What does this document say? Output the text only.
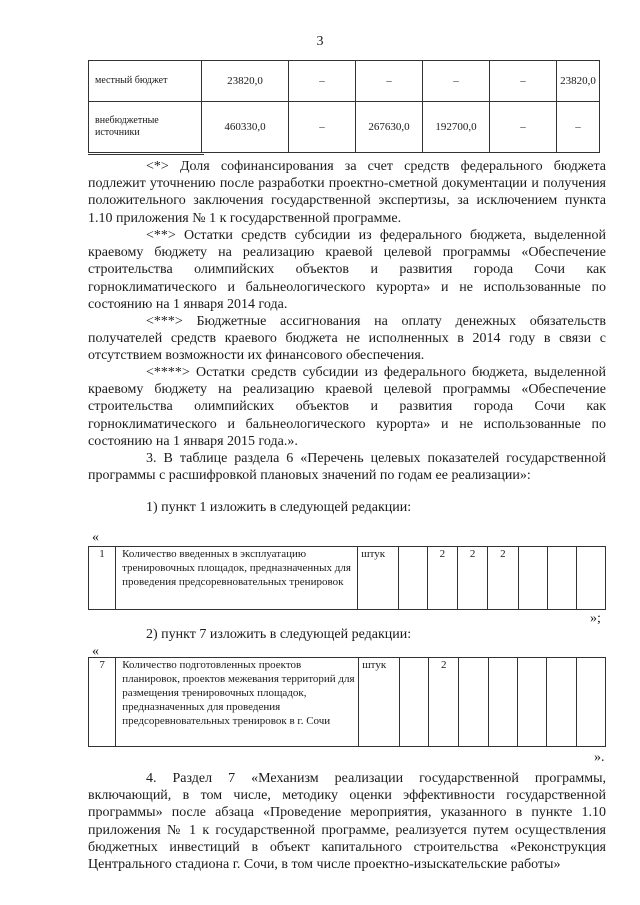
3
местный бюджет	23820,0	–	–	–	–	23820,0
внебюджетные источники	460330,0	–	267630,0	192700,0	–	–
<*> Доля софинансирования за счет средств федерального бюджета подлежит уточнению после разработки проектно-сметной документации и получения положительного заключения государственной экспертизы, за исключением пункта 1.10 приложения № 1 к государственной программе.
<**> Остатки средств субсидии из федерального бюджета, выделенной краевому бюджету на реализацию краевой целевой программы «Обеспечение строительства олимпийских объектов и развития города Сочи как горноклиматического и бальнеологического курорта» и не использованные по состоянию на 1 января 2014 года.
<***> Бюджетные ассигнования на оплату денежных обязательств получателей средств краевого бюджета не исполненных в 2014 году в связи с отсутствием возможности их финансового обеспечения.
<****> Остатки средств субсидии из федерального бюджета, выделенной краевому бюджету на реализацию краевой целевой программы «Обеспечение строительства олимпийских объектов и развития города Сочи как горноклиматического и бальнеологического курорта» и не использованные по состоянию на 1 января 2015 года.».
3. В таблице раздела 6 «Перечень целевых показателей государственной программы с расшифровкой плановых значений по годам ее реализации»:
1) пункт 1 изложить в следующей редакции:
«
1	Количество введенных в эксплуатацию тренировочных площадок, предназначенных для проведения предсоревновательных тренировок	штук		2	2	2			
»;
2) пункт 7 изложить в следующей редакции:
«
7	Количество подготовленных проектов планировок, проектов межевания территорий для размещения тренировочных площадок, предназначенных для проведения предсоревновательных тренировок в г. Сочи	штук		2					
».
4. Раздел 7 «Механизм реализации государственной программы, включающий, в том числе, методику оценки эффективности государственной программы» после абзаца «Проведение мероприятия, указанного в пункте 1.10 приложения № 1 к государственной программе, реализуется путем осуществления бюджетных инвестиций в объект капитального строительства «Реконструкция Центрального стадиона г. Сочи, в том числе проектно-изыскательские работы»
